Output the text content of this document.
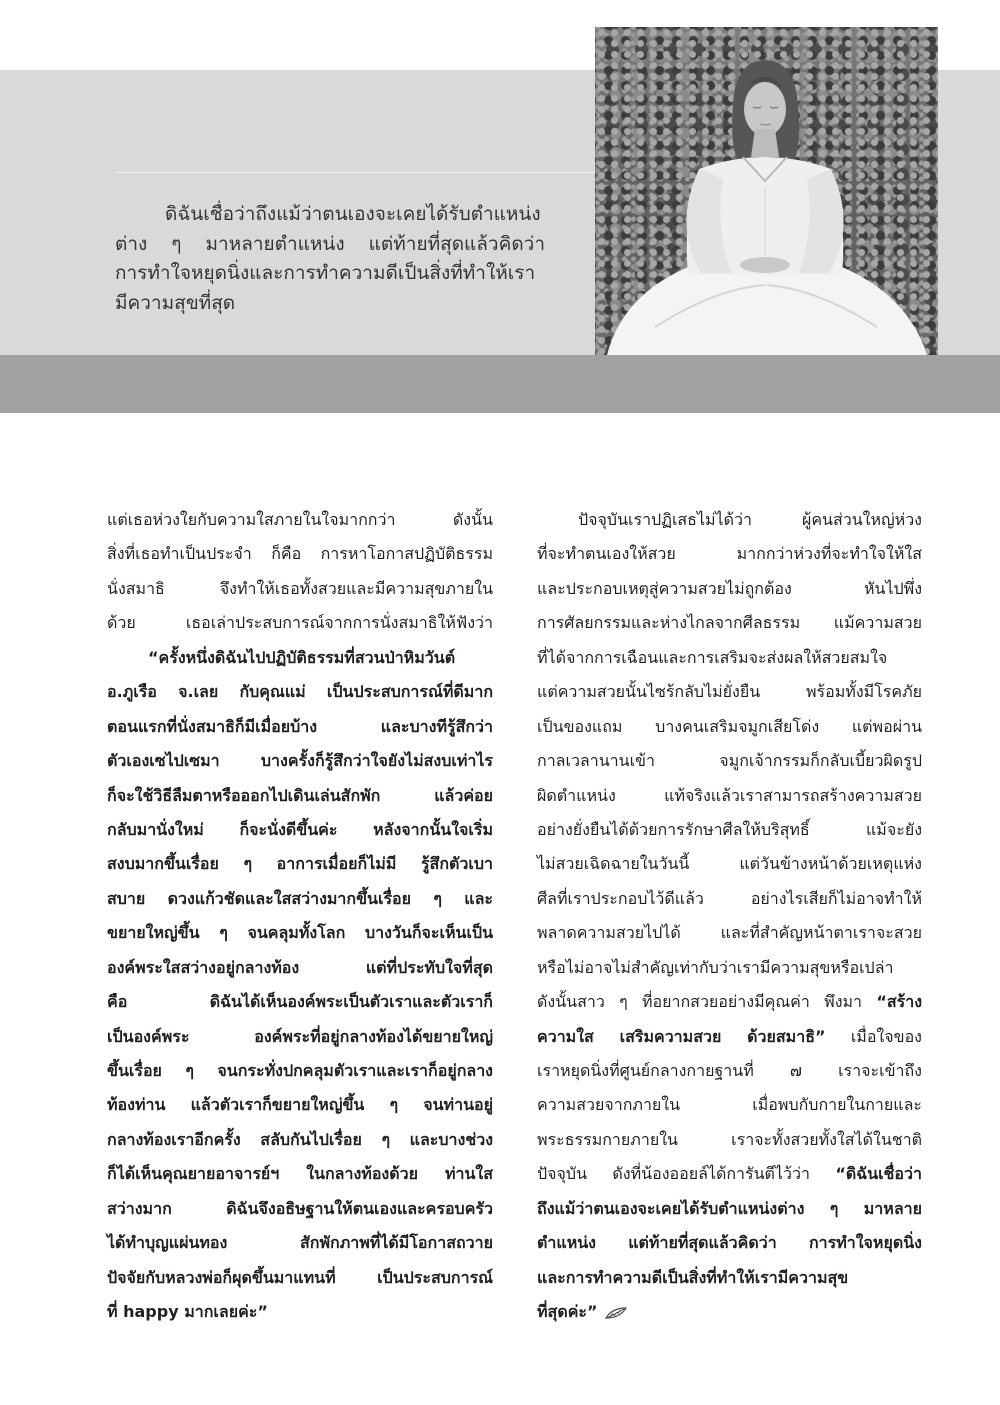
ดิฉันเชื่อว่าถึงแม้ว่าตนเองจะเคยได้รับตำแหน่ง
ต่าง ๆ มาหลายตำแหน่ง แต่ท้ายที่สุดแล้วคิดว่า
การทำใจหยุดนิ่งและการทำความดีเป็นสิ่งที่ทำให้เรา
มีความสุขที่สุด
แต่เธอห่วงใยกับความใสภายในใจมากกว่า ดังนั้น
สิ่งที่เธอทำเป็นประจำ ก็คือ การหาโอกาสปฏิบัติธรรม
นั่งสมาธิ จึงทำให้เธอทั้งสวยและมีความสุขภายใน
ด้วย เธอเล่าประสบการณ์จากการนั่งสมาธิให้ฟังว่า
“ครั้งหนึ่งดิฉันไปปฏิบัติธรรมที่สวนป่าหิมวันต์
อ.ภูเรือ จ.เลย กับคุณแม่ เป็นประสบการณ์ที่ดีมาก
ตอนแรกที่นั่งสมาธิก็มีเมื่อยบ้าง และบางทีรู้สึกว่า
ตัวเองเซไปเซมา บางครั้งก็รู้สึกว่าใจยังไม่สงบเท่าไร
ก็จะใช้วิธีลืมตาหรือออกไปเดินเล่นสักพัก แล้วค่อย
กลับมานั่งใหม่ ก็จะนั่งดีขึ้นค่ะ หลังจากนั้นใจเริ่ม
สงบมากขึ้นเรื่อย ๆ อาการเมื่อยก็ไม่มี รู้สึกตัวเบา
สบาย ดวงแก้วชัดและใสสว่างมากขึ้นเรื่อย ๆ และ
ขยายใหญ่ขึ้น ๆ จนคลุมทั้งโลก บางวันก็จะเห็นเป็น
องค์พระใสสว่างอยู่กลางท้อง แต่ที่ประทับใจที่สุด
คือ ดิฉันได้เห็นองค์พระเป็นตัวเราและตัวเราก็
เป็นองค์พระ องค์พระที่อยู่กลางท้องได้ขยายใหญ่
ขึ้นเรื่อย ๆ จนกระทั่งปกคลุมตัวเราและเราก็อยู่กลาง
ท้องท่าน แล้วตัวเราก็ขยายใหญ่ขึ้น ๆ จนท่านอยู่
กลางท้องเราอีกครั้ง สลับกันไปเรื่อย ๆ และบางช่วง
ก็ได้เห็นคุณยายอาจารย์ฯ ในกลางท้องด้วย ท่านใส
สว่างมาก ดิฉันจึงอธิษฐานให้ตนเองและครอบครัว
ได้ทำบุญแผ่นทอง สักพักภาพที่ได้มีโอกาสถวาย
ปัจจัยกับหลวงพ่อก็ผุดขึ้นมาแทนที่ เป็นประสบการณ์
ที่ happy มากเลยค่ะ”
ปัจจุบันเราปฏิเสธไม่ได้ว่า ผู้คนส่วนใหญ่ห่วง
ที่จะทำตนเองให้สวย มากกว่าห่วงที่จะทำใจให้ใส
และประกอบเหตุสู่ความสวยไม่ถูกต้อง หันไปพึ่ง
การศัลยกรรมและห่างไกลจากศีลธรรม แม้ความสวย
ที่ได้จากการเฉือนและการเสริมจะส่งผลให้สวยสมใจ
แต่ความสวยนั้นไซร้กลับไม่ยั่งยืน พร้อมทั้งมีโรคภัย
เป็นของแถม บางคนเสริมจมูกเสียโด่ง แต่พอผ่าน
กาลเวลานานเข้า จมูกเจ้ากรรมก็กลับเบี้ยวผิดรูป
ผิดตำแหน่ง แท้จริงแล้วเราสามารถสร้างความสวย
อย่างยั่งยืนได้ด้วยการรักษาศีลให้บริสุทธิ์ แม้จะยัง
ไม่สวยเฉิดฉายในวันนี้ แต่วันข้างหน้าด้วยเหตุแห่ง
ศีลที่เราประกอบไว้ดีแล้ว อย่างไรเสียก็ไม่อาจทำให้
พลาดความสวยไปได้ และที่สำคัญหน้าตาเราจะสวย
หรือไม่อาจไม่สำคัญเท่ากับว่าเรามีความสุขหรือเปล่า
ดังนั้นสาว ๆ ที่อยากสวยอย่างมีคุณค่า พึงมา “สร้าง
ความใส เสริมความสวย ด้วยสมาธิ” เมื่อใจของ
เราหยุดนิ่งที่ศูนย์กลางกายฐานที่ ๗ เราจะเข้าถึง
ความสวยจากภายใน เมื่อพบกับกายในกายและ
พระธรรมกายภายใน เราจะทั้งสวยทั้งใสได้ในชาติ
ปัจจุบัน ดังที่น้องออยล์ได้การันตีไว้ว่า “ดิฉันเชื่อว่า
ถึงแม้ว่าตนเองจะเคยได้รับตำแหน่งต่าง ๆ มาหลาย
ตำแหน่ง แต่ท้ายที่สุดแล้วคิดว่า การทำใจหยุดนิ่ง
และการทำความดีเป็นสิ่งที่ทำให้เรามีความสุข
ที่สุดค่ะ”
